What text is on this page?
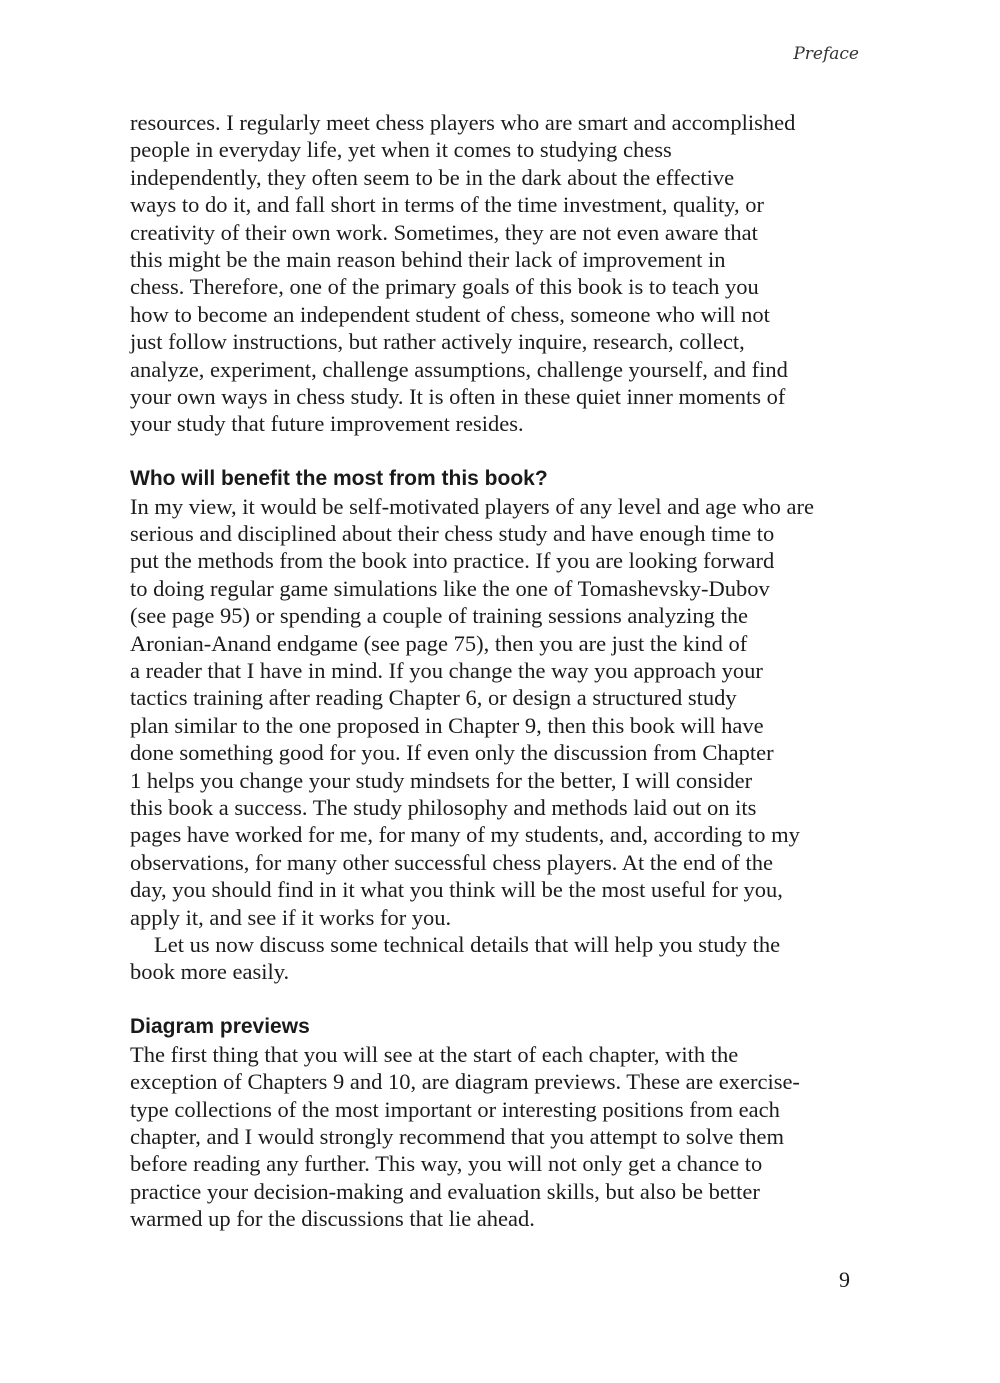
Preface
resources. I regularly meet chess players who are smart and accomplished
people in everyday life, yet when it comes to studying chess
independently, they often seem to be in the dark about the effective
ways to do it, and fall short in terms of the time investment, quality, or
creativity of their own work. Sometimes, they are not even aware that
this might be the main reason behind their lack of improvement in
chess. Therefore, one of the primary goals of this book is to teach you
how to become an independent student of chess, someone who will not
just follow instructions, but rather actively inquire, research, collect,
analyze, experiment, challenge assumptions, challenge yourself, and find
your own ways in chess study. It is often in these quiet inner moments of
your study that future improvement resides.
Who will benefit the most from this book?
In my view, it would be self-motivated players of any level and age who are
serious and disciplined about their chess study and have enough time to
put the methods from the book into practice. If you are looking forward
to doing regular game simulations like the one of Tomashevsky-Dubov
(see page 95) or spending a couple of training sessions analyzing the
Aronian-Anand endgame (see page 75), then you are just the kind of
a reader that I have in mind. If you change the way you approach your
tactics training after reading Chapter 6, or design a structured study
plan similar to the one proposed in Chapter 9, then this book will have
done something good for you. If even only the discussion from Chapter
1 helps you change your study mindsets for the better, I will consider
this book a success. The study philosophy and methods laid out on its
pages have worked for me, for many of my students, and, according to my
observations, for many other successful chess players. At the end of the
day, you should find in it what you think will be the most useful for you,
apply it, and see if it works for you.
Let us now discuss some technical details that will help you study the
book more easily.
Diagram previews
The first thing that you will see at the start of each chapter, with the
exception of Chapters 9 and 10, are diagram previews. These are exercise-
type collections of the most important or interesting positions from each
chapter, and I would strongly recommend that you attempt to solve them
before reading any further. This way, you will not only get a chance to
practice your decision-making and evaluation skills, but also be better
warmed up for the discussions that lie ahead.
9
